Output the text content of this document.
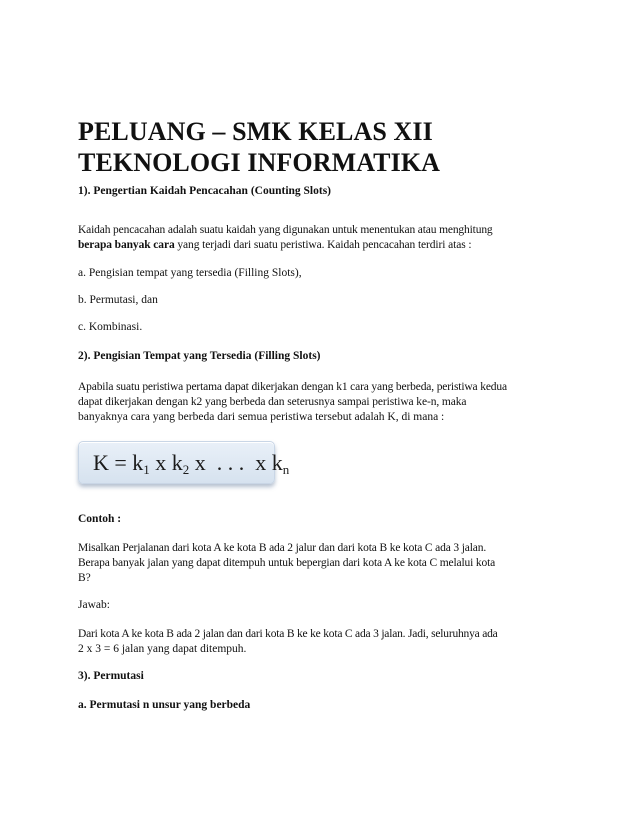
PELUANG – SMK KELAS XII
TEKNOLOGI INFORMATIKA

1). Pengertian Kaidah Pencacahan (Counting Slots)

Kaidah pencacahan adalah suatu kaidah yang digunakan untuk menentukan atau menghitung

berapa banyak cara yang terjadi dari suatu peristiwa. Kaidah pencacahan terdiri atas :

a. Pengisian tempat yang tersedia (Filling Slots),

b. Permutasi, dan

c. Kombinasi.

2). Pengisian Tempat yang Tersedia (Filling Slots)

Apabila suatu peristiwa pertama dapat dikerjakan dengan k1 cara yang berbeda, peristiwa kedua

dapat dikerjakan dengan k2 yang berbeda dan seterusnya sampai peristiwa ke-n, maka

banyaknya cara yang berbeda dari semua peristiwa tersebut adalah K, di mana :

$K = k_1$ x $k_2$ x  . . .  x $k_n$

Contoh :

Misalkan Perjalanan dari kota A ke kota B ada 2 jalur dan dari kota B ke kota C ada 3 jalan.

Berapa banyak jalan yang dapat ditempuh untuk bepergian dari kota A ke kota C melalui kota

B?

Jawab:

Dari kota A ke kota B ada 2 jalan dan dari kota B ke ke kota C ada 3 jalan. Jadi, seluruhnya ada

2 x 3 = 6 jalan yang dapat ditempuh.

3). Permutasi

a. Permutasi n unsur yang berbeda
